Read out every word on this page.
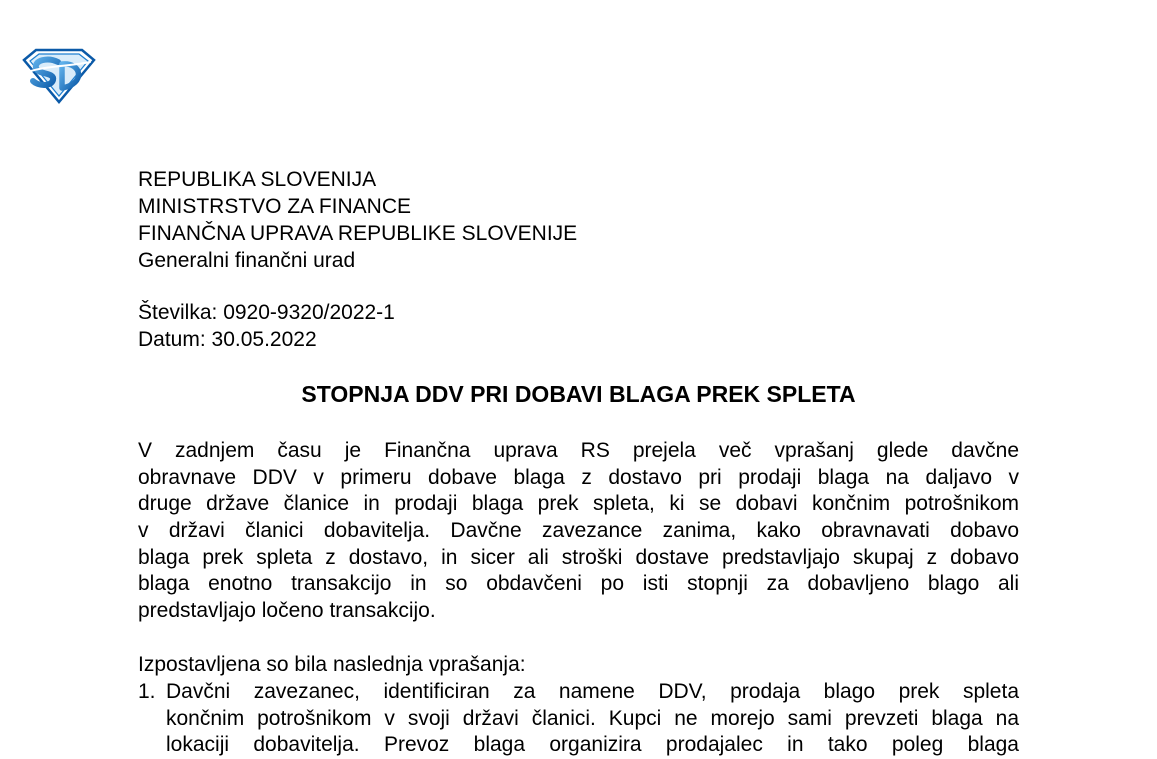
REPUBLIKA SLOVENIJA
MINISTRSTVO ZA FINANCE
FINANČNA UPRAVA REPUBLIKE SLOVENIJE
Generalni finančni urad
Številka: 0920-9320/2022-1
Datum: 30.05.2022
STOPNJA DDV PRI DOBAVI BLAGA PREK SPLETA
V zadnjem času je Finančna uprava RS prejela več vprašanj glede davčne
obravnave DDV v primeru dobave blaga z dostavo pri prodaji blaga na daljavo v
druge države članice in prodaji blaga prek spleta, ki se dobavi končnim potrošnikom
v državi članici dobavitelja. Davčne zavezance zanima, kako obravnavati dobavo
blaga prek spleta z dostavo, in sicer ali stroški dostave predstavljajo skupaj z dobavo
blaga enotno transakcijo in so obdavčeni po isti stopnji za dobavljeno blago ali
predstavljajo ločeno transakcijo.
Izpostavljena so bila naslednja vprašanja:
1. Davčni zavezanec, identificiran za namene DDV, prodaja blago prek spleta
končnim potrošnikom v svoji državi članici. Kupci ne morejo sami prevzeti blaga na
lokaciji dobavitelja. Prevoz blaga organizira prodajalec in tako poleg blaga
